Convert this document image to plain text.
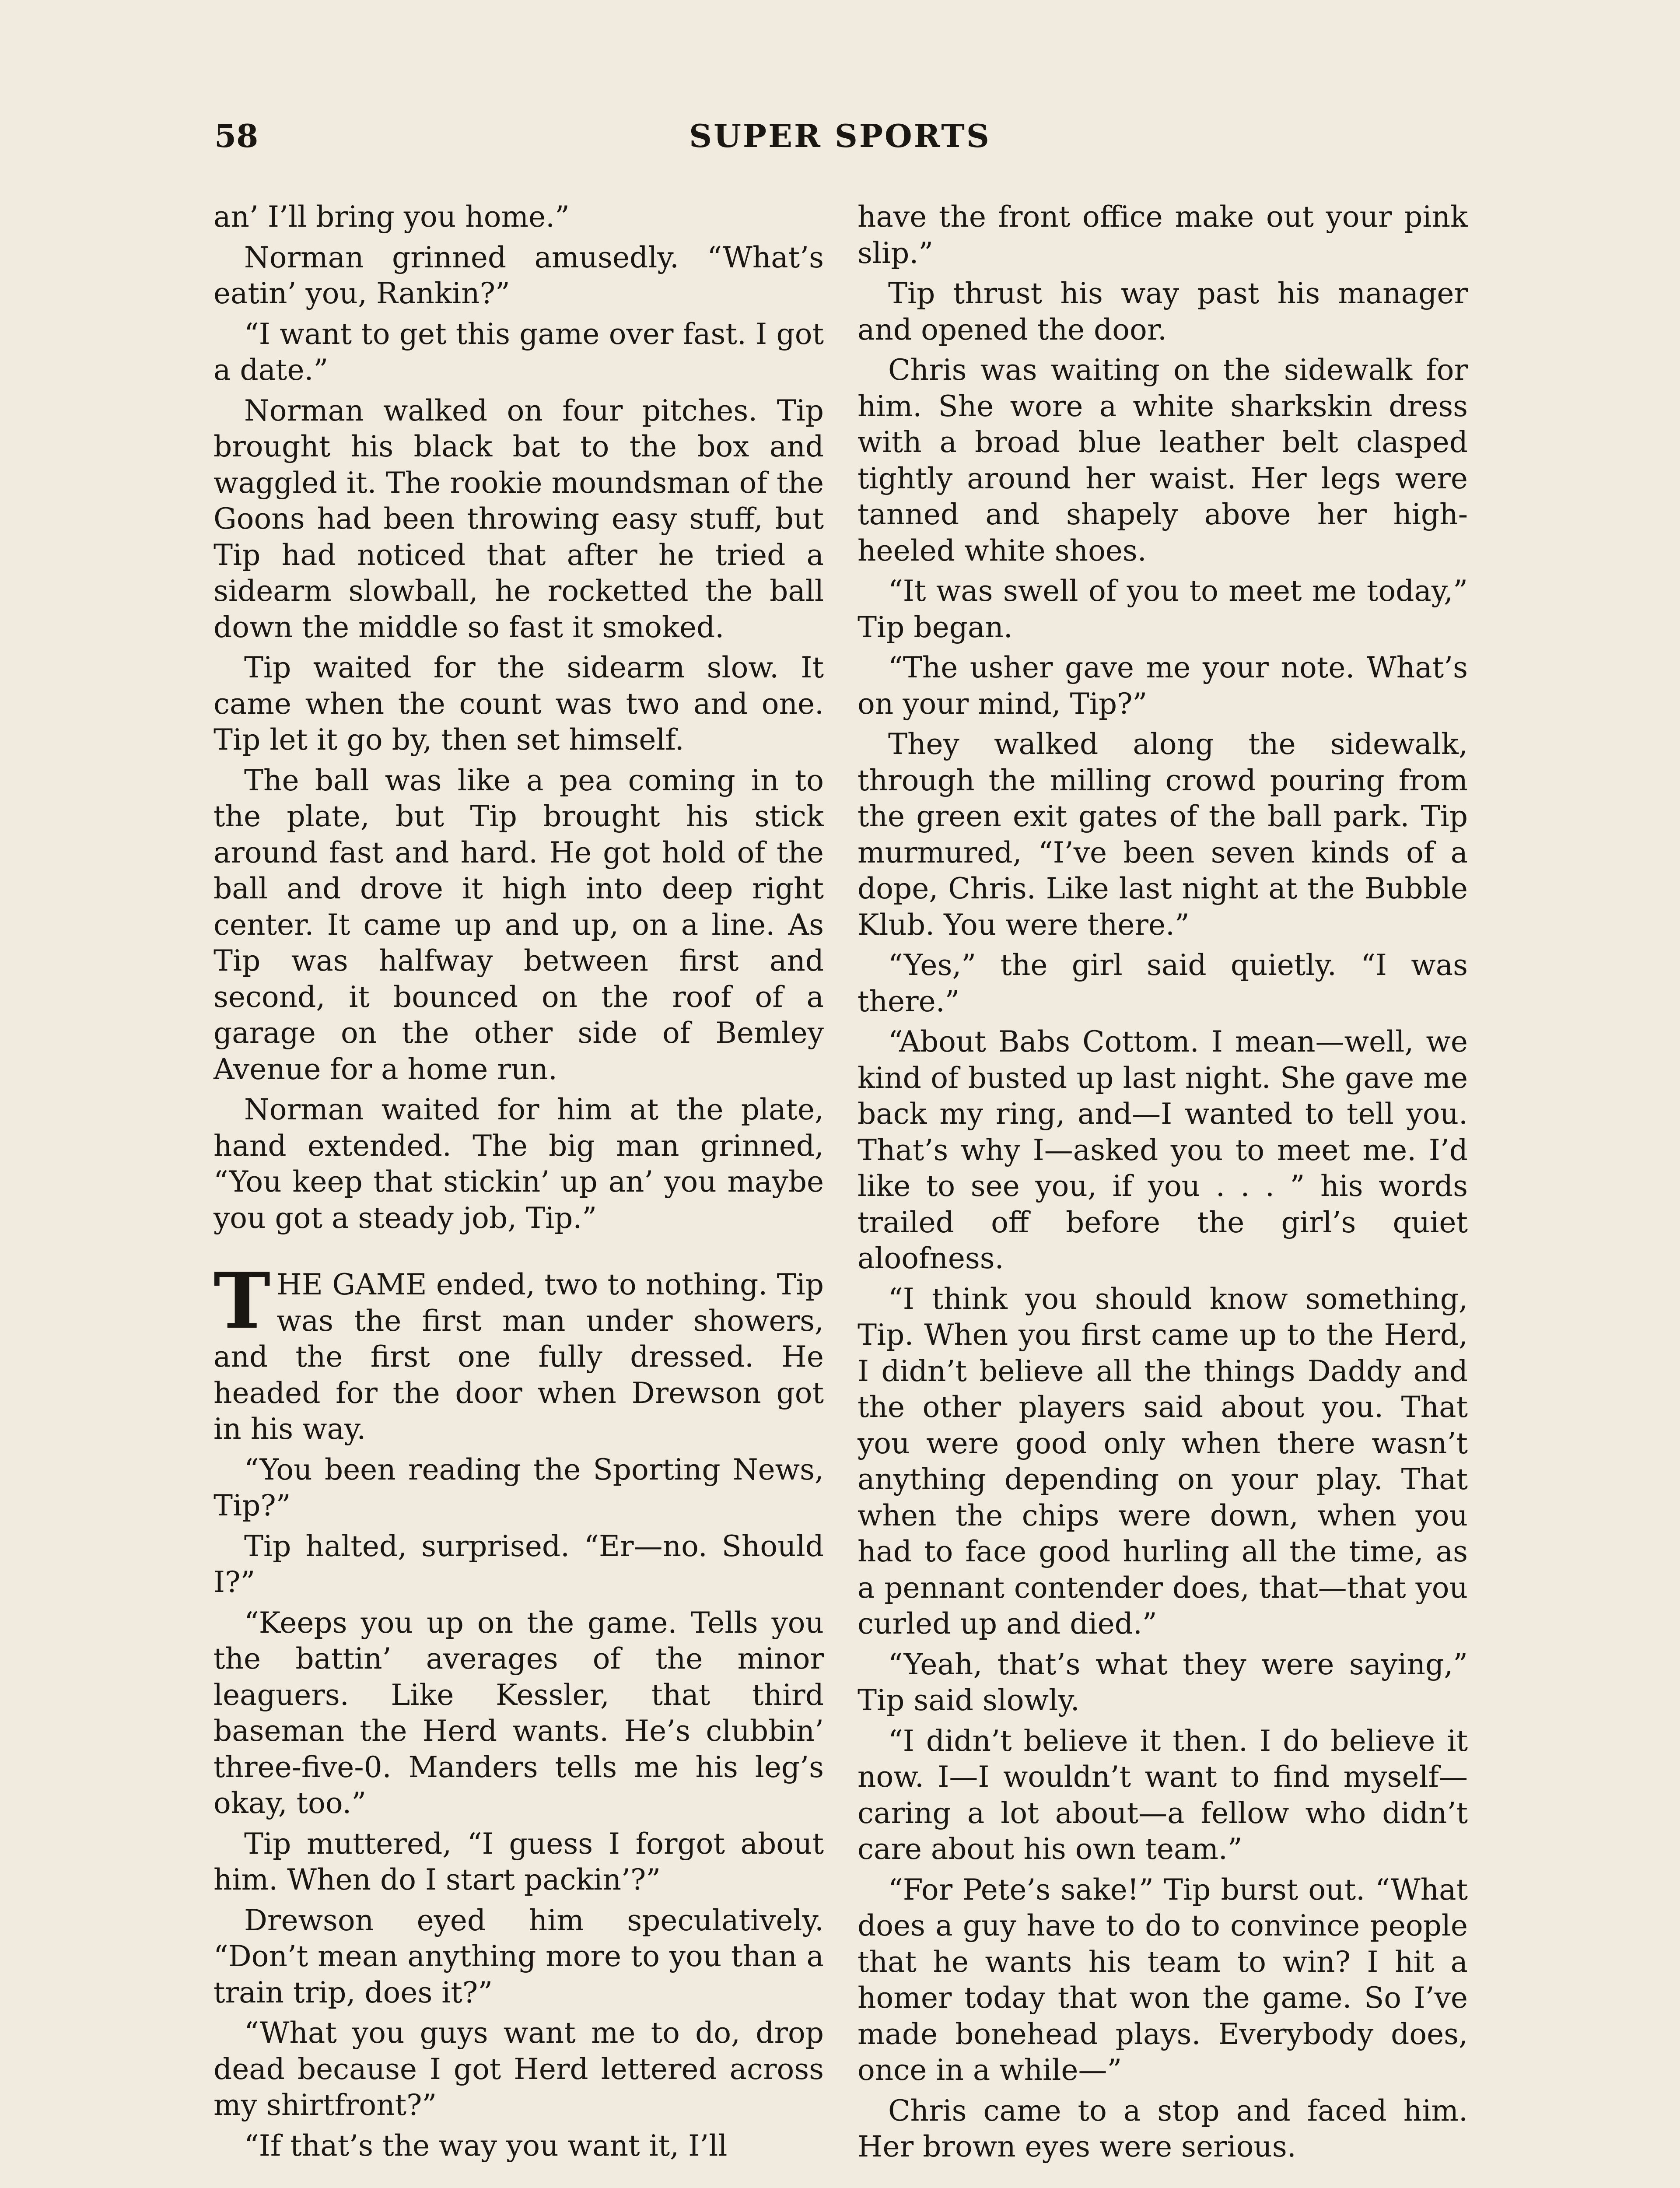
58	SUPER SPORTS

an’ I’ll bring you home.”

Norman grinned amusedly. “What’s eatin’ you, Rankin?”

“I want to get this game over fast. I got a date.”

Norman walked on four pitches. Tip brought his black bat to the box and waggled it. The rookie moundsman of the Goons had been throwing easy stuff, but Tip had noticed that after he tried a sidearm slowball, he rocketted the ball down the middle so fast it smoked.

Tip waited for the sidearm slow. It came when the count was two and one. Tip let it go by, then set himself.

The ball was like a pea coming in to the plate, but Tip brought his stick around fast and hard. He got hold of the ball and drove it high into deep right center. It came up and up, on a line. As Tip was halfway between first and second, it bounced on the roof of a garage on the other side of Bemley Avenue for a home run.

Norman waited for him at the plate, hand extended. The big man grinned, “You keep that stickin’ up an’ you maybe you got a steady job, Tip.”

THE GAME ended, two to nothing. Tip was the first man under showers, and the first one fully dressed. He headed for the door when Drewson got in his way.

“You been reading the Sporting News, Tip?”

Tip halted, surprised. “Er—no. Should I?”

“Keeps you up on the game. Tells you the battin’ averages of the minor leaguers. Like Kessler, that third baseman the Herd wants. He’s clubbin’ three-five-0. Manders tells me his leg’s okay, too.”

Tip muttered, “I guess I forgot about him. When do I start packin’?”

Drewson eyed him speculatively. “Don’t mean anything more to you than a train trip, does it?”

“What you guys want me to do, drop dead because I got Herd lettered across my shirtfront?”

“If that’s the way you want it, I’ll

have the front office make out your pink slip.”

Tip thrust his way past his manager and opened the door.

Chris was waiting on the sidewalk for him. She wore a white sharkskin dress with a broad blue leather belt clasped tightly around her waist. Her legs were tanned and shapely above her high-heeled white shoes.

“It was swell of you to meet me today,” Tip began.

“The usher gave me your note. What’s on your mind, Tip?”

They walked along the sidewalk, through the milling crowd pouring from the green exit gates of the ball park. Tip murmured, “I’ve been seven kinds of a dope, Chris. Like last night at the Bubble Klub. You were there.”

“Yes,” the girl said quietly. “I was there.”

“About Babs Cottom. I mean—well, we kind of busted up last night. She gave me back my ring, and—I wanted to tell you. That’s why I—asked you to meet me. I’d like to see you, if you . . . ” his words trailed off before the girl’s quiet aloofness.

“I think you should know something, Tip. When you first came up to the Herd, I didn’t believe all the things Daddy and the other players said about you. That you were good only when there wasn’t anything depending on your play. That when the chips were down, when you had to face good hurling all the time, as a pennant contender does, that—that you curled up and died.”

“Yeah, that’s what they were saying,” Tip said slowly.

“I didn’t believe it then. I do believe it now. I—I wouldn’t want to find myself—caring a lot about—a fellow who didn’t care about his own team.”

“For Pete’s sake!” Tip burst out. “What does a guy have to do to convince people that he wants his team to win? I hit a homer today that won the game. So I’ve made bonehead plays. Everybody does, once in a while—”

Chris came to a stop and faced him. Her brown eyes were serious.
